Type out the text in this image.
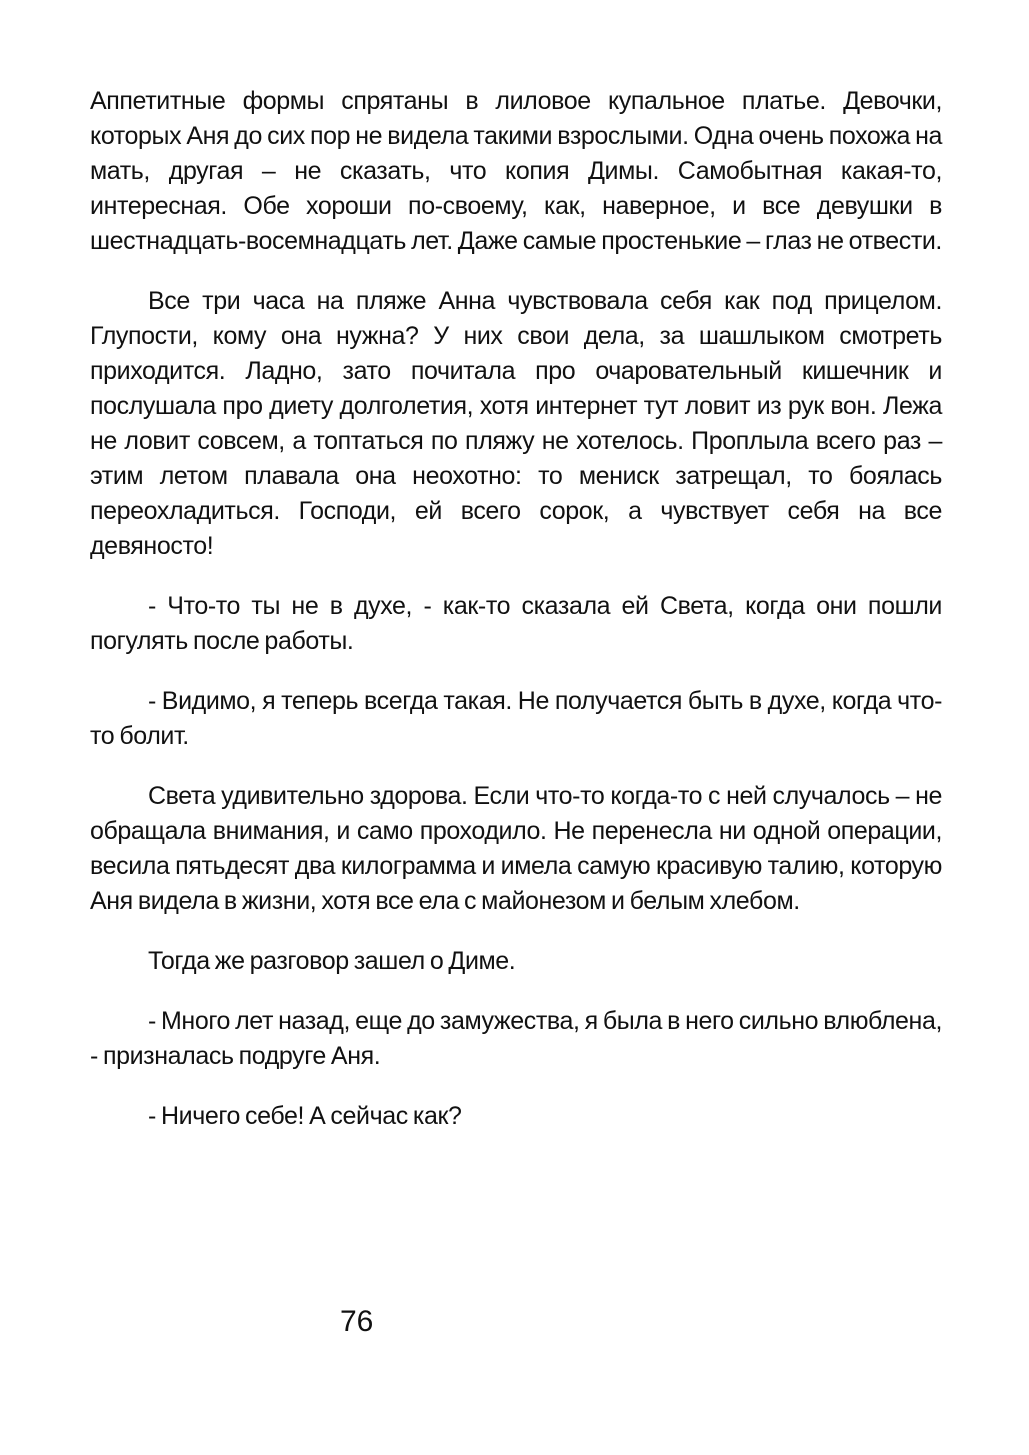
Аппетитные формы спрятаны в лиловое купальное платье. Девочки, которых Аня до сих пор не видела такими взрослыми. Одна очень похожа на мать, другая – не сказать, что копия Димы. Самобытная какая-то, интересная. Обе хороши по-своему, как, наверное, и все девушки в шестнадцать-восемнадцать лет. Даже самые простенькие – глаз не отвести.

Все три часа на пляже Анна чувствовала себя как под прицелом. Глупости, кому она нужна? У них свои дела, за шашлыком смотреть приходится. Ладно, зато почитала про очаровательный кишечник и послушала про диету долголетия, хотя интернет тут ловит из рук вон. Лежа не ловит совсем, а топтаться по пляжу не хотелось. Проплыла всего раз – этим летом плавала она неохотно: то мениск затрещал, то боялась переохладиться. Господи, ей всего сорок, а чувствует себя на все девяносто!

- Что-то ты не в духе, - как-то сказала ей Света, когда они пошли погулять после работы.

- Видимо, я теперь всегда такая. Не получается быть в духе, когда что-то болит.

Света удивительно здорова. Если что-то когда-то с ней случалось – не обращала внимания, и само проходило. Не перенесла ни одной операции, весила пятьдесят два килограмма и имела самую красивую талию, которую Аня видела в жизни, хотя все ела с майонезом и белым хлебом.

Тогда же разговор зашел о Диме.

- Много лет назад, еще до замужества, я была в него сильно влюблена, - призналась подруге Аня.

- Ничего себе! А сейчас как?

76
